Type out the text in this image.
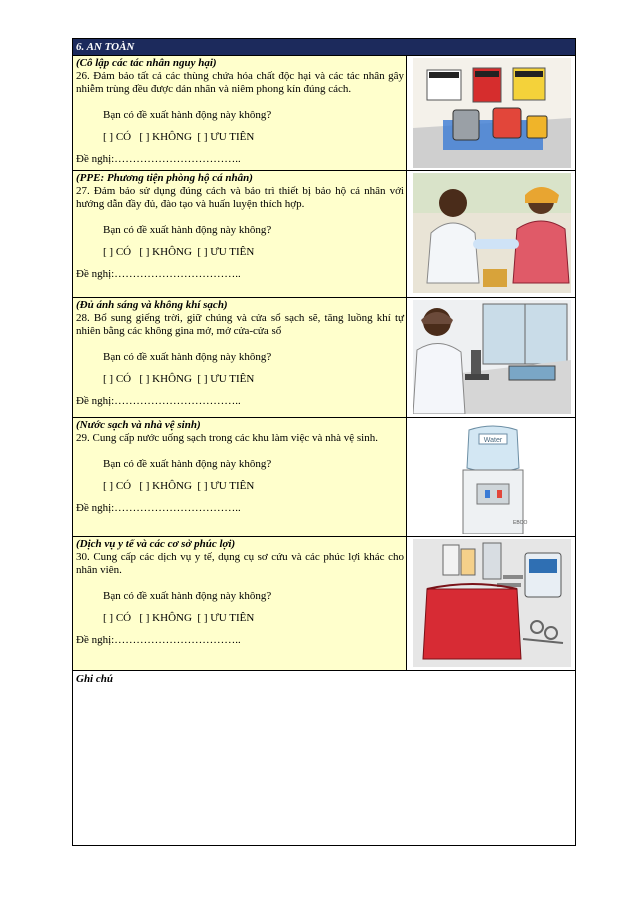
6. AN TOÀN
(Cô lập các tác nhân nguy hại)
26. Đảm bảo tất cả các thùng chứa hóa chất độc hại và các tác nhân gây nhiễm trùng đều được dán nhãn và niêm phong kín đúng cách.
Bạn có đề xuất hành động này không?
[ ] CÓ [ ] KHÔNG [ ] ƯU TIÊN
Đề nghị:……………………………..
(PPE: Phương tiện phòng hộ cá nhân)
27. Đảm bảo sử dụng đúng cách và bảo trì thiết bị bảo hộ cá nhân với hướng dẫn đầy đủ, đào tạo và huấn luyện thích hợp.
Bạn có đề xuất hành động này không?
[ ] CÓ [ ] KHÔNG [ ] ƯU TIÊN
Đề nghị:……………………………..
(Đủ ánh sáng và không khí sạch)
28. Bổ sung giếng trời, giữ chúng và cửa sổ sạch sẽ, tăng luồng khí tự nhiên bằng các không gina mở, mở cửa-cửa sổ
Bạn có đề xuất hành động này không?
[ ] CÓ [ ] KHÔNG [ ] ƯU TIÊN
Đề nghị:……………………………..
(Nước sạch và nhà vệ sinh)
29. Cung cấp nước uống sạch trong các khu làm việc và nhà vệ sinh.
Bạn có đề xuất hành động này không?
[ ] CÓ [ ] KHÔNG [ ] ƯU TIÊN
Đề nghị:……………………………..
Water
EBOO
(Dịch vụ y tế và các cơ sở phúc lợi)
30. Cung cấp các dịch vụ y tế, dụng cụ sơ cứu và các phúc lợi khác cho nhân viên.
Bạn có đề xuất hành động này không?
[ ] CÓ [ ] KHÔNG [ ] ƯU TIÊN
Đề nghị:……………………………..
Ghi chú
